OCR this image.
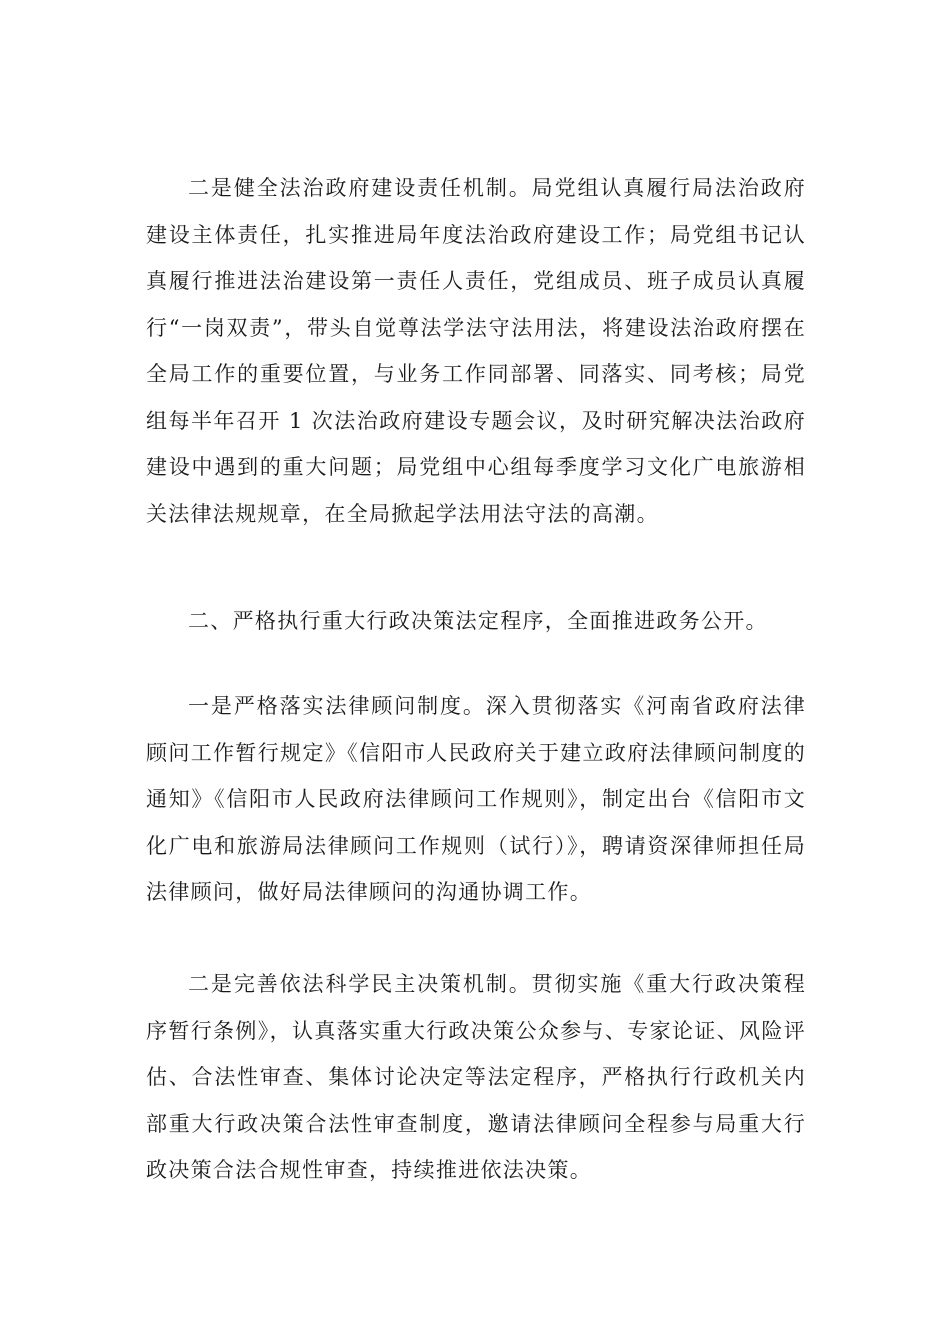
二是健全法治政府建设责任机制。局党组认真履行局法治政府建设主体责任，扎实推进局年度法治政府建设工作；局党组书记认真履行推进法治建设第一责任人责任，党组成员、班子成员认真履行“一岗双责”，带头自觉尊法学法守法用法，将建设法治政府摆在全局工作的重要位置，与业务工作同部署、同落实、同考核；局党组每半年召开 1 次法治政府建设专题会议，及时研究解决法治政府建设中遇到的重大问题；局党组中心组每季度学习文化广电旅游相关法律法规规章，在全局掀起学法用法守法的高潮。

二、严格执行重大行政决策法定程序，全面推进政务公开。

一是严格落实法律顾问制度。深入贯彻落实《河南省政府法律顾问工作暂行规定》《信阳市人民政府关于建立政府法律顾问制度的通知》《信阳市人民政府法律顾问工作规则》，制定出台《信阳市文化广电和旅游局法律顾问工作规则（试行）》，聘请资深律师担任局法律顾问，做好局法律顾问的沟通协调工作。

二是完善依法科学民主决策机制。贯彻实施《重大行政决策程序暂行条例》，认真落实重大行政决策公众参与、专家论证、风险评估、合法性审查、集体讨论决定等法定程序，严格执行行政机关内部重大行政决策合法性审查制度，邀请法律顾问全程参与局重大行政决策合法合规性审查，持续推进依法决策。
